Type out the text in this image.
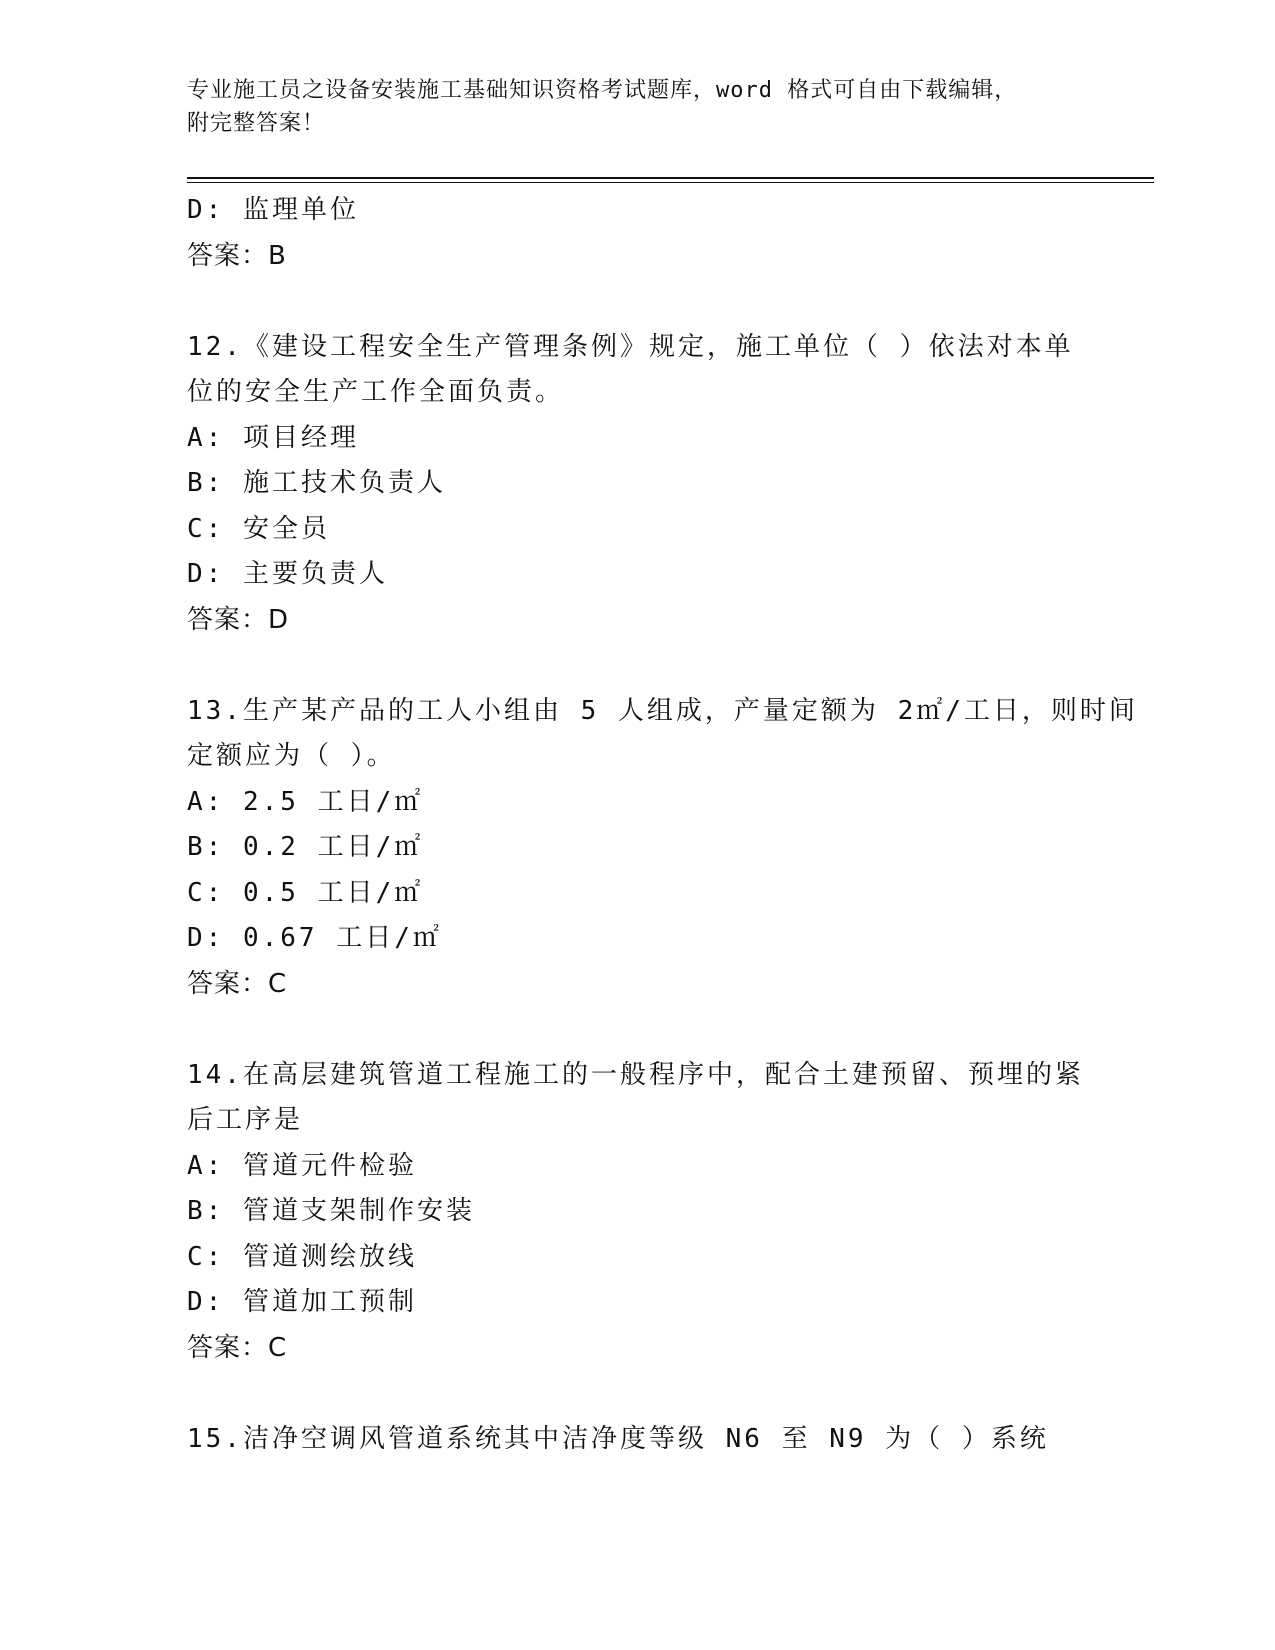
专业施工员之设备安装施工基础知识资格考试题库，word 格式可自由下载编辑，
附完整答案！
D: 监理单位
答案：B
12.《建设工程安全生产管理条例》规定，施工单位（ ）依法对本单
位的安全生产工作全面负责。
A: 项目经理
B: 施工技术负责人
C: 安全员
D: 主要负责人
答案：D
13.生产某产品的工人小组由 5 人组成，产量定额为 2㎡/工日，则时间
定额应为（ ）。
A: 2.5 工日/㎡
B: 0.2 工日/㎡
C: 0.5 工日/㎡
D: 0.67 工日/㎡
答案：C
14.在高层建筑管道工程施工的一般程序中，配合土建预留、预埋的紧
后工序是
A: 管道元件检验
B: 管道支架制作安装
C: 管道测绘放线
D: 管道加工预制
答案：C
15.洁净空调风管道系统其中洁净度等级 N6 至 N9 为（ ）系统
